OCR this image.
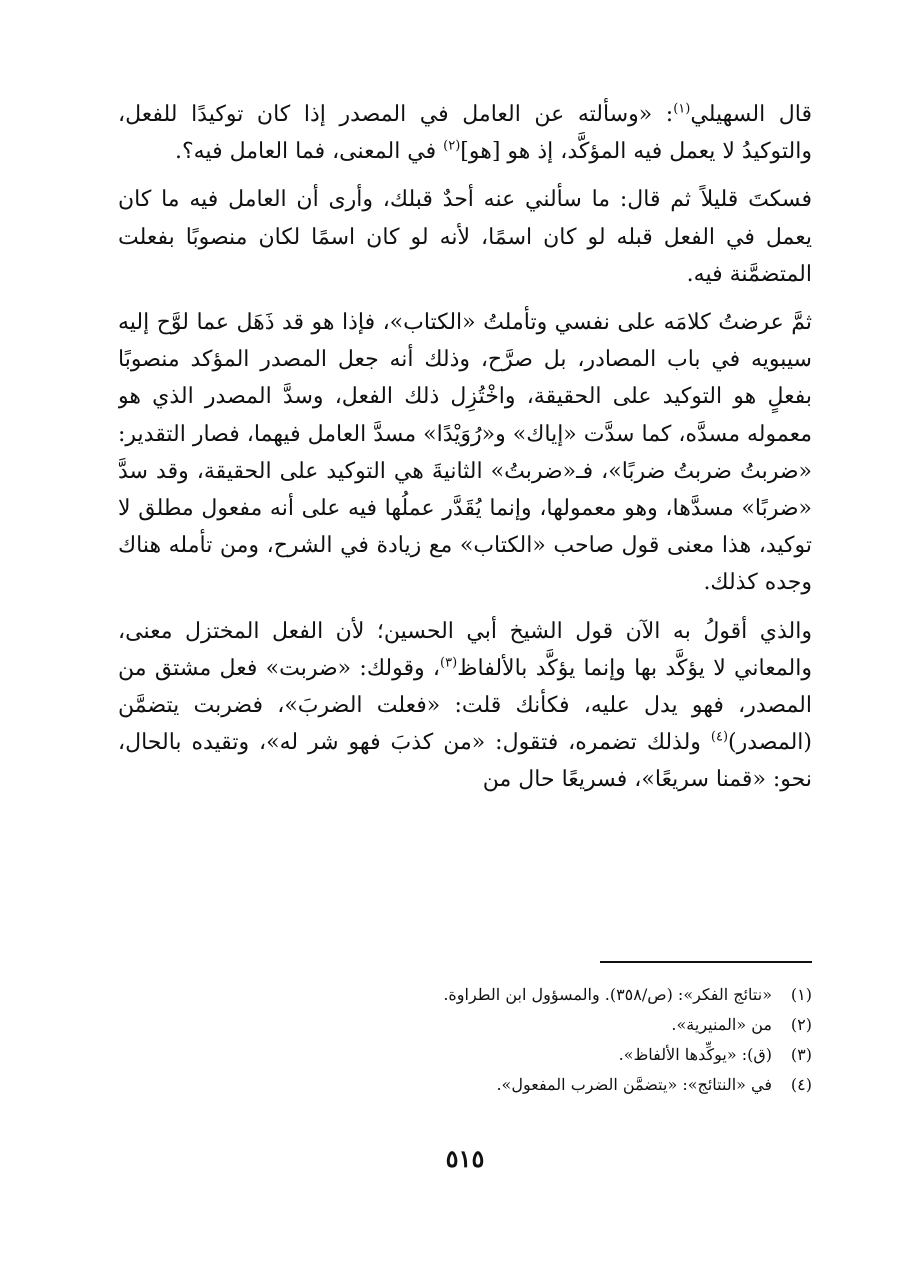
قال السهيلي$^{(١)}$: «وسألته عن العامل في المصدر إذا كان توكيدًا للفعل، والتوكيدُ لا يعمل فيه المؤكَّد، إذ هو [هو]$^{(٢)}$ في المعنى، فما العامل فيه؟.

فسكتَ قليلاً ثم قال: ما سألني عنه أحدٌ قبلك، وأرى أن العامل فيه ما كان يعمل في الفعل قبله لو كان اسمًا، لأنه لو كان اسمًا لكان منصوبًا بفعلت المتضمَّنة فيه.

ثمَّ عرضتُ كلامَه على نفسي وتأملتُ «الكتاب»، فإذا هو قد ذَهَل عما لوَّح إليه سيبويه في باب المصادر، بل صرَّح، وذلك أنه جعل المصدر المؤكد منصوبًا بفعلٍ هو التوكيد على الحقيقة، واخْتُزِل ذلك الفعل، وسدَّ المصدر الذي هو معموله مسدَّه، كما سدَّت «إياك» و«رُوَيْدًا» مسدَّ العامل فيهما، فصار التقدير: «ضربتُ ضربتُ ضربًا»، فـ«ضربتُ» الثانيةَ هي التوكيد على الحقيقة، وقد سدَّ «ضربًا» مسدَّها، وهو معمولها، وإنما يُقَدَّر عملُها فيه على أنه مفعول مطلق لا توكيد، هذا معنى قول صاحب «الكتاب» مع زيادة في الشرح، ومن تأمله هناك وجده كذلك.

والذي أقولُ به الآن قول الشيخ أبي الحسين؛ لأن الفعل المختزل معنى، والمعاني لا يؤكَّد بها وإنما يؤكَّد بالألفاظ$^{(٣)}$، وقولك: «ضربت» فعل مشتق من المصدر، فهو يدل عليه، فكأنك قلت: «فعلت الضربَ»، فضربت يتضمَّن (المصدر)$^{(٤)}$ ولذلك تضمره، فتقول: «من كذبَ فهو شر له»، وتقيده بالحال، نحو: «قمنا سريعًا»، فسريعًا حال من

(١)
«نتائج الفكر»: (ص/٣٥٨). والمسؤول ابن الطراوة.
(٢)
من «المنيرية».
(٣)
(ق): «يوكِّدها الألفاظ».
(٤)
في «النتائج»: «يتضمَّن الضرب المفعول».
٥١٥
